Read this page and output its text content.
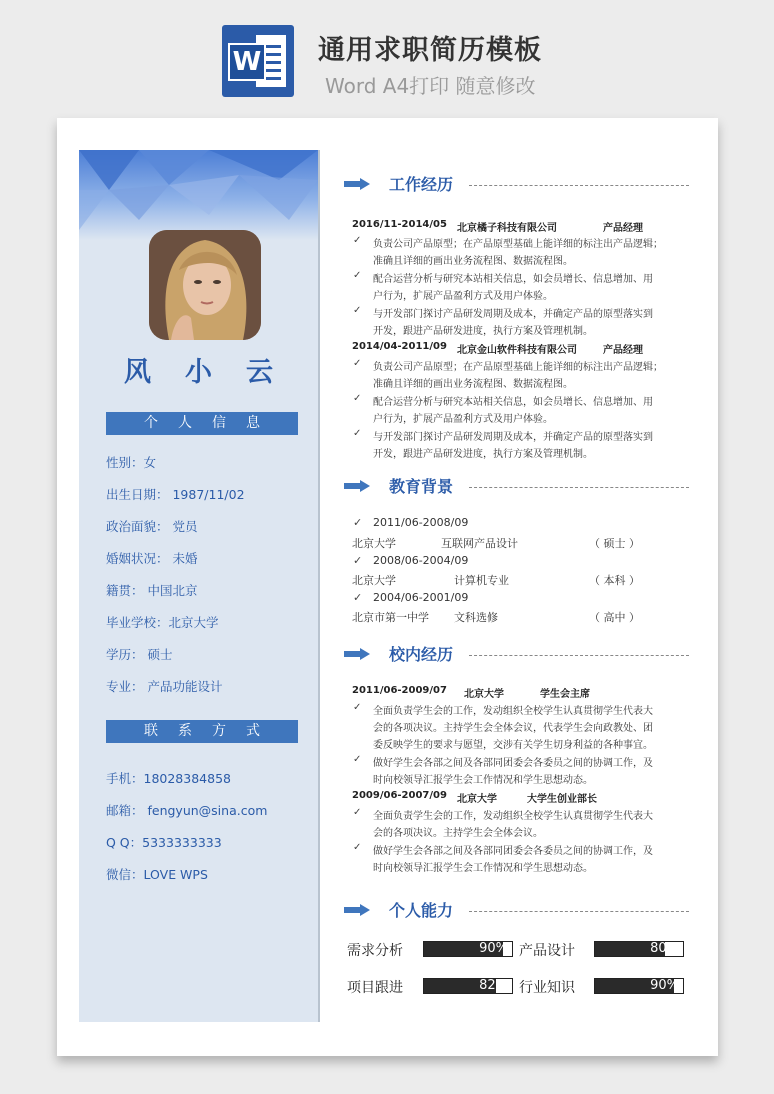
W 通用求职简历模板
Word A4打印 随意修改
风小云
个人信息
性别：女
出生日期： 1987/11/02
政治面貌： 党员
婚姻状况： 未婚
籍贯： 中国北京
毕业学校：北京大学
学历： 硕士
专业： 产品功能设计
联系方式
手机：18028384858
邮箱： fengyun@sina.com
Q Q：5333333333
微信：LOVE WPS
工作经历
2016/11-2014/05 北京橘子科技有限公司	产品经理
✓ 负责公司产品原型；在产品原型基础上能详细的标注出产品逻辑；
准确且详细的画出业务流程图、数据流程图。
✓ 配合运营分析与研究本站相关信息，如会员增长、信息增加、用
户行为，扩展产品盈利方式及用户体验。
✓ 与开发部门探讨产品研发周期及成本，并确定产品的原型落实到
开发，跟进产品研发进度，执行方案及管理机制。
2014/04-2011/09 北京金山软件科技有限公司	产品经理
✓ 负责公司产品原型；在产品原型基础上能详细的标注出产品逻辑；
准确且详细的画出业务流程图、数据流程图。
✓ 配合运营分析与研究本站相关信息，如会员增长、信息增加、用
户行为，扩展产品盈利方式及用户体验。
✓ 与开发部门探讨产品研发周期及成本，并确定产品的原型落实到
开发，跟进产品研发进度，执行方案及管理机制。
教育背景
✓ 2011/06-2008/09
北京大学	互联网产品设计	（ 硕士 ）
✓ 2008/06-2004/09
北京大学	计算机专业	（ 本科 ）
✓ 2004/06-2001/09
北京市第一中学 文科选修	（ 高中 ）
校内经历
2011/06-2009/07 北京大学	学生会主席
✓ 全面负责学生会的工作，发动组织全校学生认真贯彻学生代表大
会的各项决议。主持学生会全体会议，代表学生会向政教处、团
委反映学生的要求与愿望，交涉有关学生切身利益的各种事宜。
✓ 做好学生会各部之间及各部同团委会各委员之间的协调工作，及
时向校领导汇报学生会工作情况和学生思想动态。
2009/06-2007/09 北京大学	大学生创业部长
✓ 全面负责学生会的工作，发动组织全校学生认真贯彻学生代表大
会的各项决议。主持学生会全体会议。
✓ 做好学生会各部之间及各部同团委会各委员之间的协调工作，及
时向校领导汇报学生会工作情况和学生思想动态。
个人能力
需求分析	90% 产品设计	80%
项目跟进	82% 行业知识	90%
